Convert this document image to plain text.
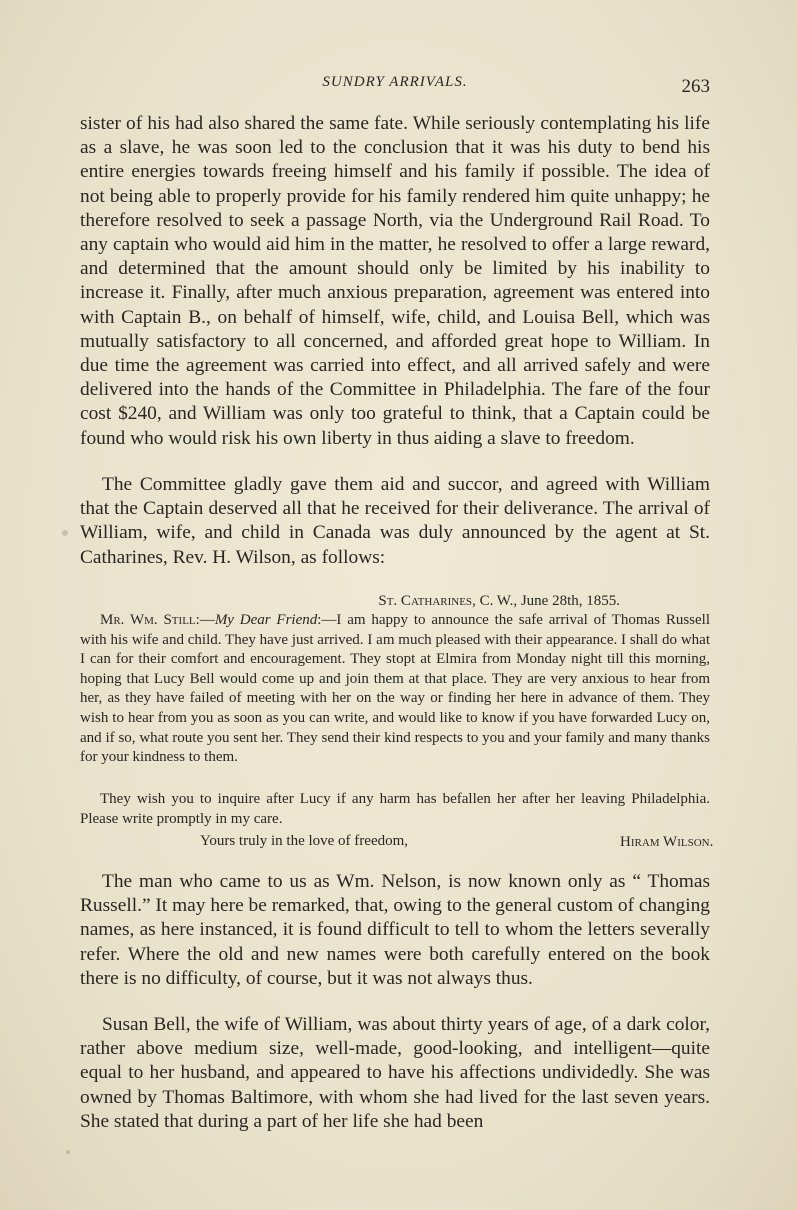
SUNDRY ARRIVALS.	263

sister of his had also shared the same fate. While seriously contemplating his life as a slave, he was soon led to the conclusion that it was his duty to bend his entire energies towards freeing himself and his family if possible. The idea of not being able to properly provide for his family rendered him quite unhappy; he therefore resolved to seek a passage North, via the Underground Rail Road. To any captain who would aid him in the matter, he resolved to offer a large reward, and determined that the amount should only be limited by his inability to increase it. Finally, after much anxious preparation, agreement was entered into with Captain B., on behalf of himself, wife, child, and Louisa Bell, which was mutually satisfactory to all concerned, and afforded great hope to William. In due time the agreement was carried into effect, and all arrived safely and were delivered into the hands of the Committee in Philadelphia. The fare of the four cost $240, and William was only too grateful to think, that a Captain could be found who would risk his own liberty in thus aiding a slave to freedom.

The Committee gladly gave them aid and succor, and agreed with William that the Captain deserved all that he received for their deliverance. The arrival of William, wife, and child in Canada was duly announced by the agent at St. Catharines, Rev. H. Wilson, as follows:

St. Catharines, C. W., June 28th, 1855.

Mr. Wm. Still:—My Dear Friend:—I am happy to announce the safe arrival of Thomas Russell with his wife and child. They have just arrived. I am much pleased with their appearance. I shall do what I can for their comfort and encouragement. They stopt at Elmira from Monday night till this morning, hoping that Lucy Bell would come up and join them at that place. They are very anxious to hear from her, as they have failed of meeting with her on the way or finding her here in advance of them. They wish to hear from you as soon as you can write, and would like to know if you have forwarded Lucy on, and if so, what route you sent her. They send their kind respects to you and your family and many thanks for your kindness to them.

They wish you to inquire after Lucy if any harm has befallen her after her leaving Philadelphia. Please write promptly in my care.

Yours truly in the love of freedom,	Hiram Wilson.

The man who came to us as Wm. Nelson, is now known only as “ Thomas Russell.” It may here be remarked, that, owing to the general custom of changing names, as here instanced, it is found difficult to tell to whom the letters severally refer. Where the old and new names were both carefully entered on the book there is no difficulty, of course, but it was not always thus.

Susan Bell, the wife of William, was about thirty years of age, of a dark color, rather above medium size, well-made, good-looking, and intelligent—quite equal to her husband, and appeared to have his affections undividedly. She was owned by Thomas Baltimore, with whom she had lived for the last seven years. She stated that during a part of her life she had been
